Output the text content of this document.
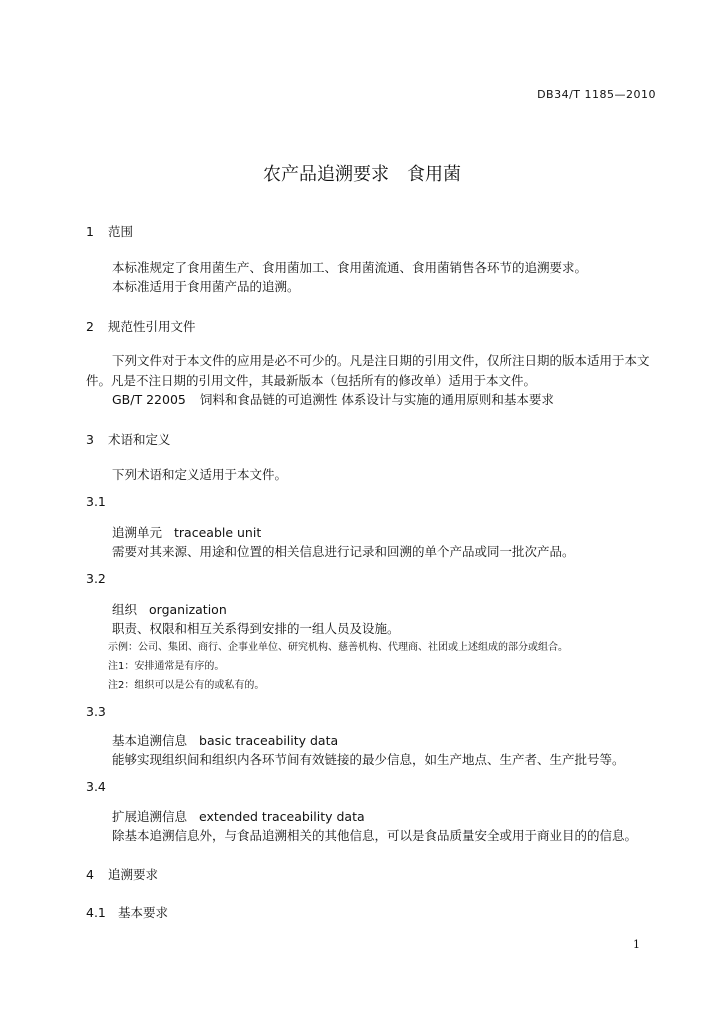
DB34/T 1185—2010
农产品追溯要求　食用菌
1 范围
本标准规定了食用菌生产、食用菌加工、食用菌流通、食用菌销售各环节的追溯要求。
本标准适用于食用菌产品的追溯。
2 规范性引用文件
下列文件对于本文件的应用是必不可少的。凡是注日期的引用文件，仅所注日期的版本适用于本文
件。凡是不注日期的引用文件，其最新版本（包括所有的修改单）适用于本文件。
GB/T 22005 饲料和食品链的可追溯性 体系设计与实施的通用原则和基本要求
3 术语和定义
下列术语和定义适用于本文件。
3.1
追溯单元 traceable unit
需要对其来源、用途和位置的相关信息进行记录和回溯的单个产品或同一批次产品。
3.2
组织 organization
职责、权限和相互关系得到安排的一组人员及设施。
示例：公司、集团、商行、企事业单位、研究机构、慈善机构、代理商、社团或上述组成的部分或组合。
注1：安排通常是有序的。
注2：组织可以是公有的或私有的。
3.3
基本追溯信息 basic traceability data
能够实现组织间和组织内各环节间有效链接的最少信息，如生产地点、生产者、生产批号等。
3.4
扩展追溯信息 extended traceability data
除基本追溯信息外，与食品追溯相关的其他信息，可以是食品质量安全或用于商业目的的信息。
4 追溯要求
4.1 基本要求
1
